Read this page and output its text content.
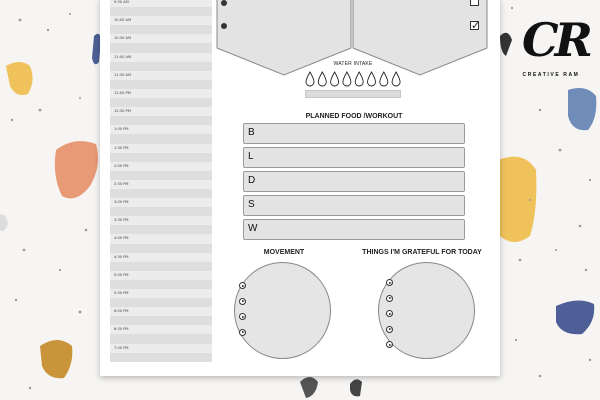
9:30 AM
10:00 AM
10:30 AM
11:00 AM
11:30 AM
12:00 PM
12:30 PM
1:00 PM
1:30 PM
2:00 PM
2:30 PM
3:00 PM
3:30 PM
4:00 PM
4:30 PM
5:00 PM
5:30 PM
6:00 PM
6:30 PM
7:00 PM
✓
WATER INTAKE
PLANNED FOOD /WORKOUT
B
L
D
S
W
MOVEMENT	THINGS I'M GRATEFUL FOR TODAY
CR
CREATIVE RAM
